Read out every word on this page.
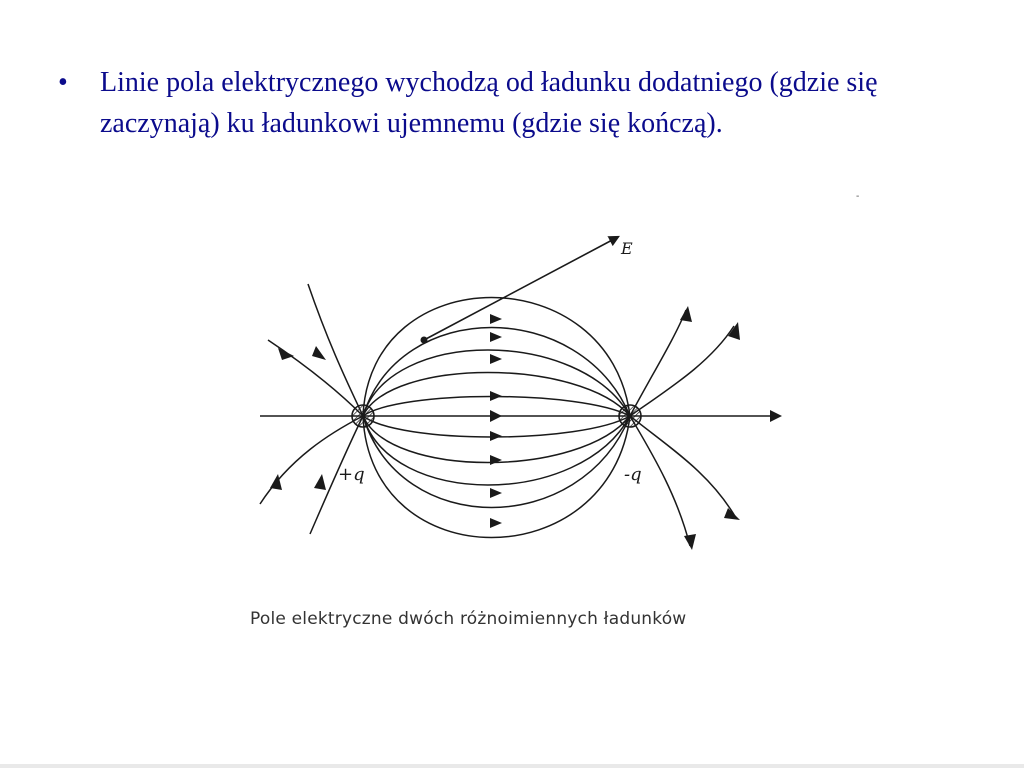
•	Linie pola elektrycznego wychodzą od ładunku dodatniego (gdzie się zaczynają) ku ładunkowi ujemnemu (gdzie się kończą).
-
E
+q	-q
Pole elektryczne dwóch różnoimiennych ładunków
